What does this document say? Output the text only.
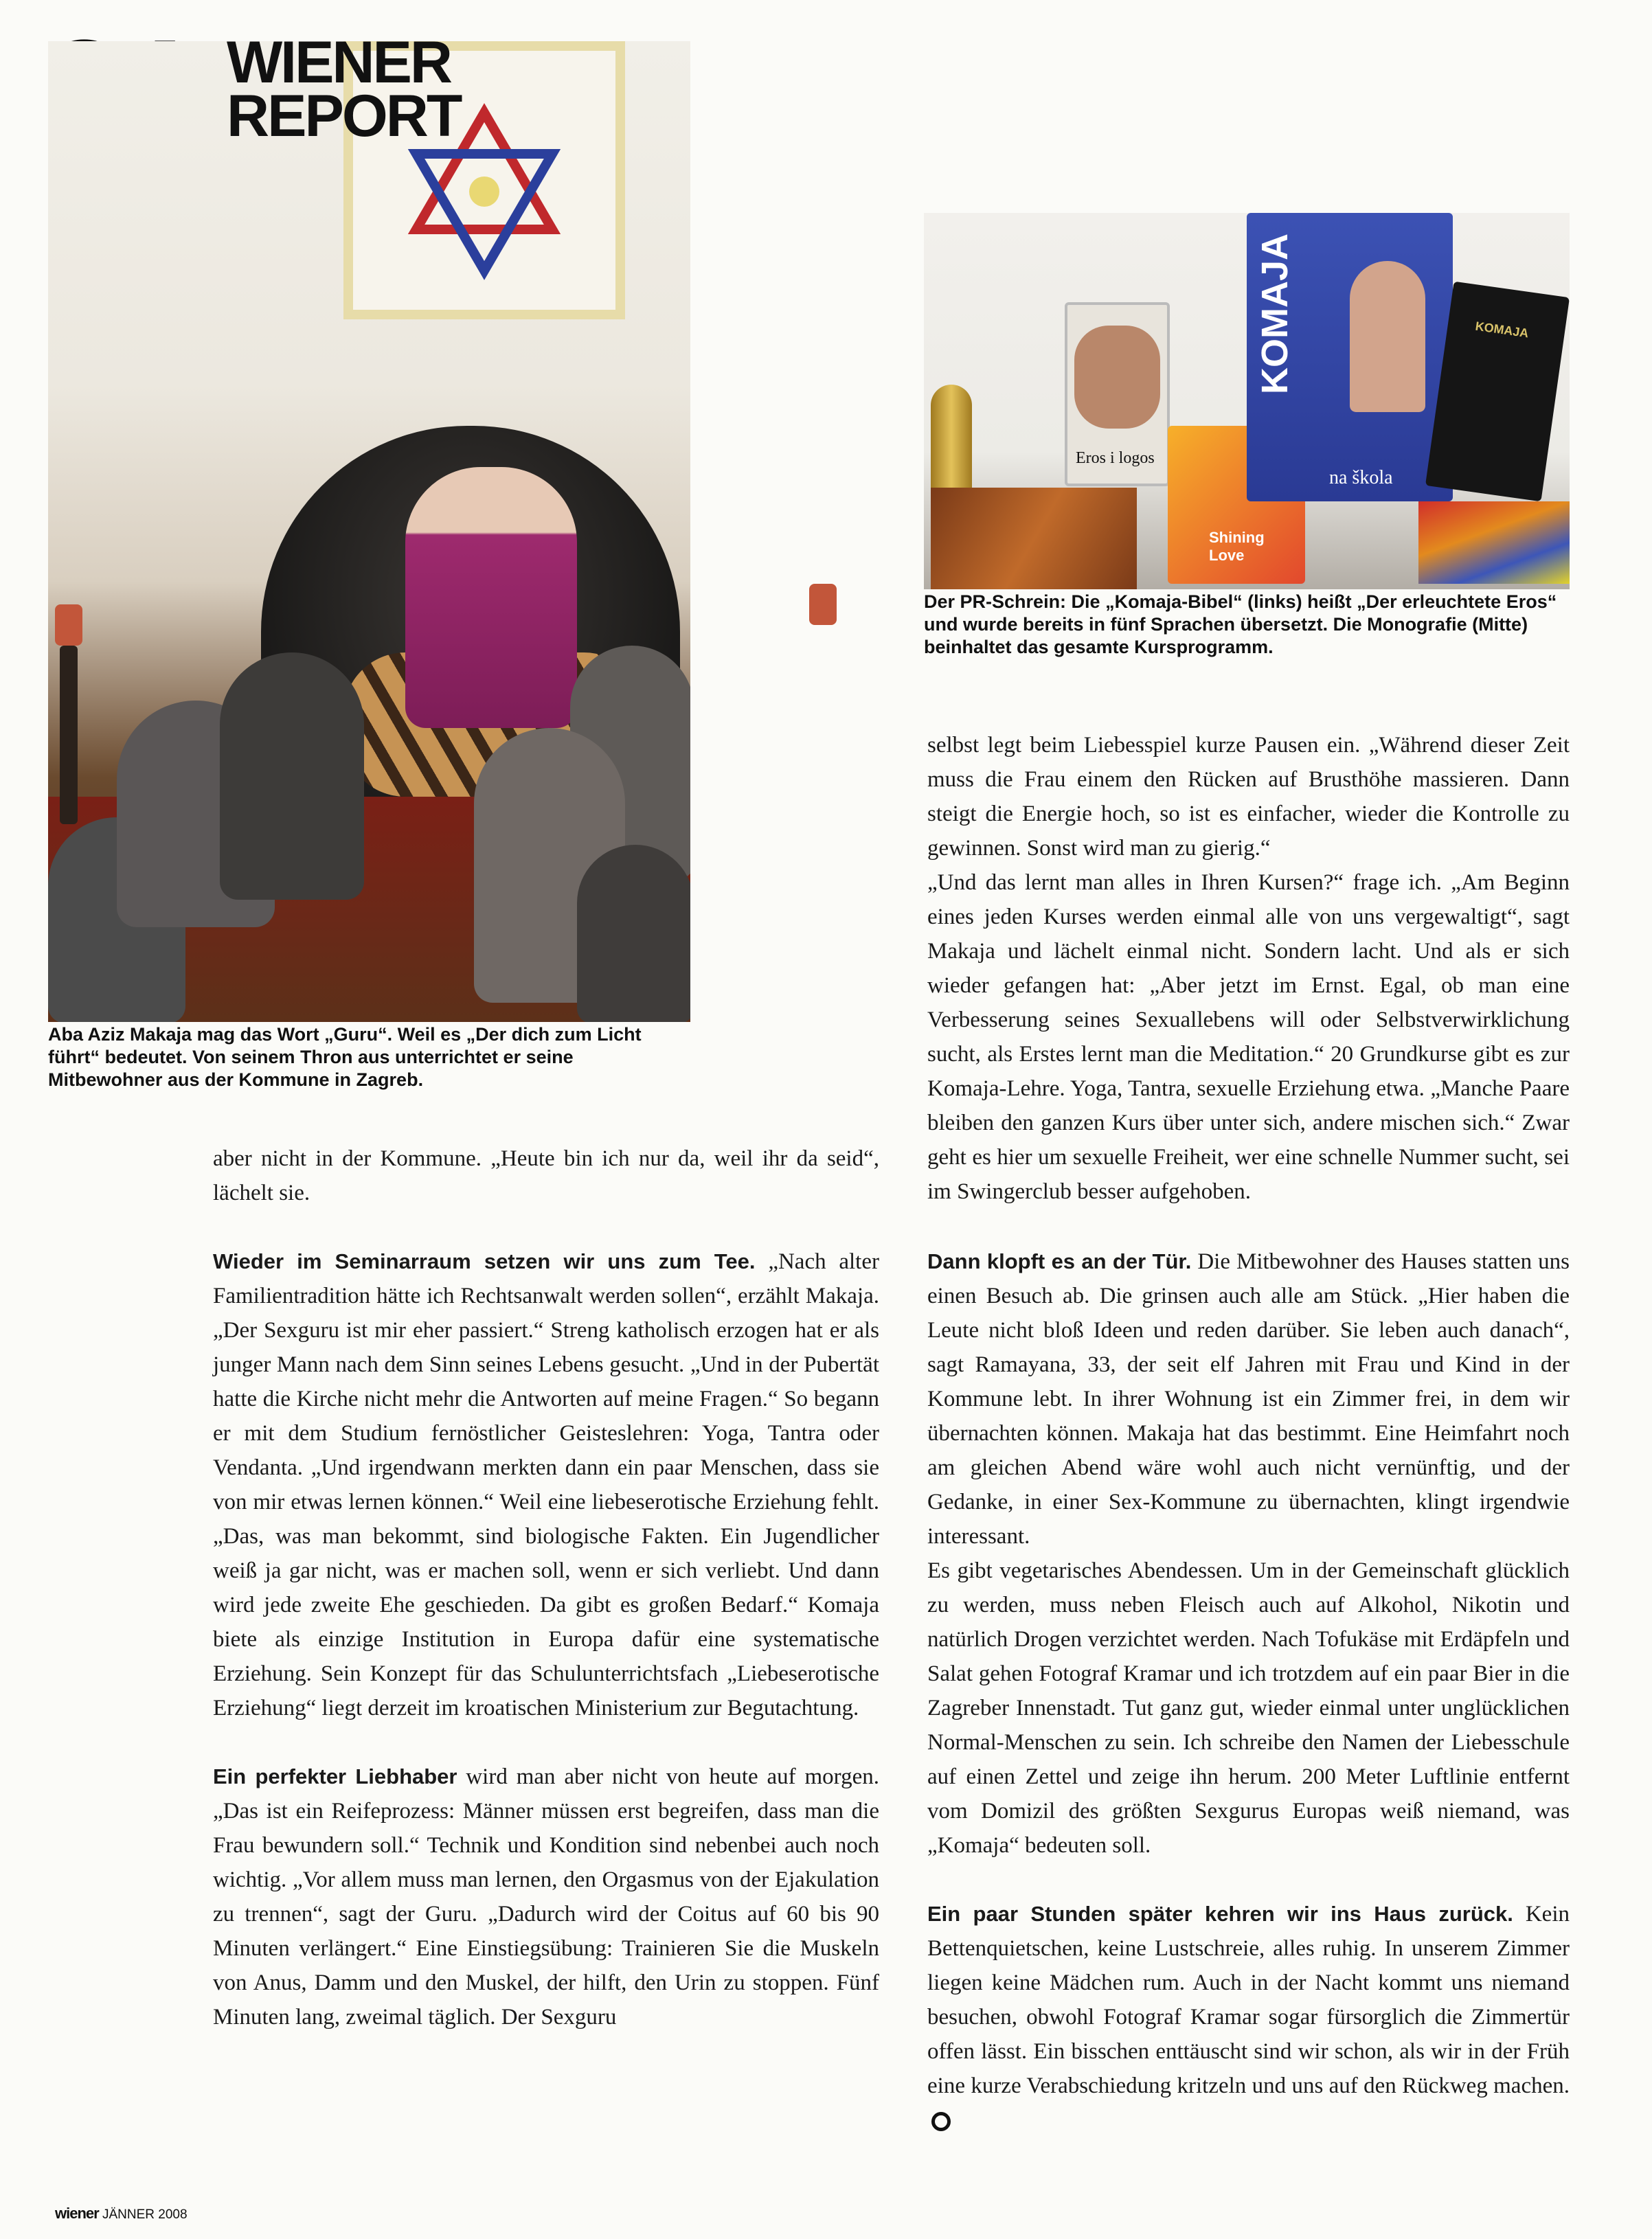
WIENER
REPORT
Eros i logos
Shining
Love
KOMAJA
na škola
KOMAJA
Aba Aziz Makaja mag das Wort „Guru“. Weil es „Der dich zum Licht führt“ bedeutet. Von seinem Thron aus unterrichtet er seine Mitbewohner aus der Kommune in Zagreb.
Der PR-Schrein: Die „Komaja-Bibel“ (links) heißt „Der erleuchtete Eros“ und wurde bereits in fünf Sprachen übersetzt. Die Monografie (Mitte) beinhaltet das gesamte Kursprogramm.

aber nicht in der Kommune. „Heute bin ich nur da, weil ihr da seid“, lächelt sie.

Wieder im Seminarraum setzen wir uns zum Tee. „Nach alter Familientradition hätte ich Rechtsanwalt werden sollen“, erzählt Makaja. „Der Sexguru ist mir eher passiert.“ Streng katholisch erzogen hat er als junger Mann nach dem Sinn seines Lebens gesucht. „Und in der Pubertät hatte die Kirche nicht mehr die Antworten auf meine Fragen.“ So begann er mit dem Studium fernöstlicher Geisteslehren: Yoga, Tantra oder Vendanta. „Und irgendwann merkten dann ein paar Menschen, dass sie von mir etwas lernen können.“ Weil eine liebeserotische Erziehung fehlt. „Das, was man bekommt, sind biologische Fakten. Ein Jugendlicher weiß ja gar nicht, was er machen soll, wenn er sich verliebt. Und dann wird jede zweite Ehe geschieden. Da gibt es großen Bedarf.“ Komaja biete als einzige Institution in Europa dafür eine systematische Erziehung. Sein Konzept für das Schulunterrichtsfach „Liebeserotische Erziehung“ liegt derzeit im kroatischen Ministerium zur Begutachtung.

Ein perfekter Liebhaber wird man aber nicht von heute auf morgen. „Das ist ein Reifeprozess: Männer müssen erst begreifen, dass man die Frau bewundern soll.“ Technik und Kondition sind nebenbei auch noch wichtig. „Vor allem muss man lernen, den Orgasmus von der Ejakulation zu trennen“, sagt der Guru. „Dadurch wird der Coitus auf 60 bis 90 Minuten verlängert.“ Eine Einstiegsübung: Trainieren Sie die Muskeln von Anus, Damm und den Muskel, der hilft, den Urin zu stoppen. Fünf Minuten lang, zweimal täglich. Der Sexguru

selbst legt beim Liebesspiel kurze Pausen ein. „Während dieser Zeit muss die Frau einem den Rücken auf Brusthöhe massieren. Dann steigt die Energie hoch, so ist es einfacher, wieder die Kontrolle zu gewinnen. Sonst wird man zu gierig.“

„Und das lernt man alles in Ihren Kursen?“ frage ich. „Am Beginn eines jeden Kurses werden einmal alle von uns vergewaltigt“, sagt Makaja und lächelt einmal nicht. Sondern lacht. Und als er sich wieder gefangen hat: „Aber jetzt im Ernst. Egal, ob man eine Verbesserung seines Sexuallebens will oder Selbstverwirklichung sucht, als Erstes lernt man die Meditation.“ 20 Grundkurse gibt es zur Komaja-Lehre. Yoga, Tantra, sexuelle Erziehung etwa. „Manche Paare bleiben den ganzen Kurs über unter sich, andere mischen sich.“ Zwar geht es hier um sexuelle Freiheit, wer eine schnelle Nummer sucht, sei im Swingerclub besser aufgehoben.

Dann klopft es an der Tür. Die Mitbewohner des Hauses statten uns einen Besuch ab. Die grinsen auch alle am Stück. „Hier haben die Leute nicht bloß Ideen und reden darüber. Sie leben auch danach“, sagt Ramayana, 33, der seit elf Jahren mit Frau und Kind in der Kommune lebt. In ihrer Wohnung ist ein Zimmer frei, in dem wir übernachten können. Makaja hat das bestimmt. Eine Heimfahrt noch am gleichen Abend wäre wohl auch nicht vernünftig, und der Gedanke, in einer Sex-Kommune zu übernachten, klingt irgendwie interessant.

Es gibt vegetarisches Abendessen. Um in der Gemeinschaft glücklich zu werden, muss neben Fleisch auch auf Alkohol, Nikotin und natürlich Drogen verzichtet werden. Nach Tofukäse mit Erdäpfeln und Salat gehen Fotograf Kramar und ich trotzdem auf ein paar Bier in die Zagreber Innenstadt. Tut ganz gut, wieder einmal unter unglücklichen Normal-Menschen zu sein. Ich schreibe den Namen der Liebesschule auf einen Zettel und zeige ihn herum. 200 Meter Luftlinie entfernt vom Domizil des größten Sexgurus Europas weiß niemand, was „Komaja“ bedeuten soll.

Ein paar Stunden später kehren wir ins Haus zurück. Kein Bettenquietschen, keine Lustschreie, alles ruhig. In unserem Zimmer liegen keine Mädchen rum. Auch in der Nacht kommt uns niemand besuchen, obwohl Fotograf Kramar sogar fürsorglich die Zimmertür offen lässt. Ein bisschen enttäuscht sind wir schon, als wir in der Früh eine kurze Verabschiedung kritzeln und uns auf den Rückweg machen.

wiener JÄNNER 2008
